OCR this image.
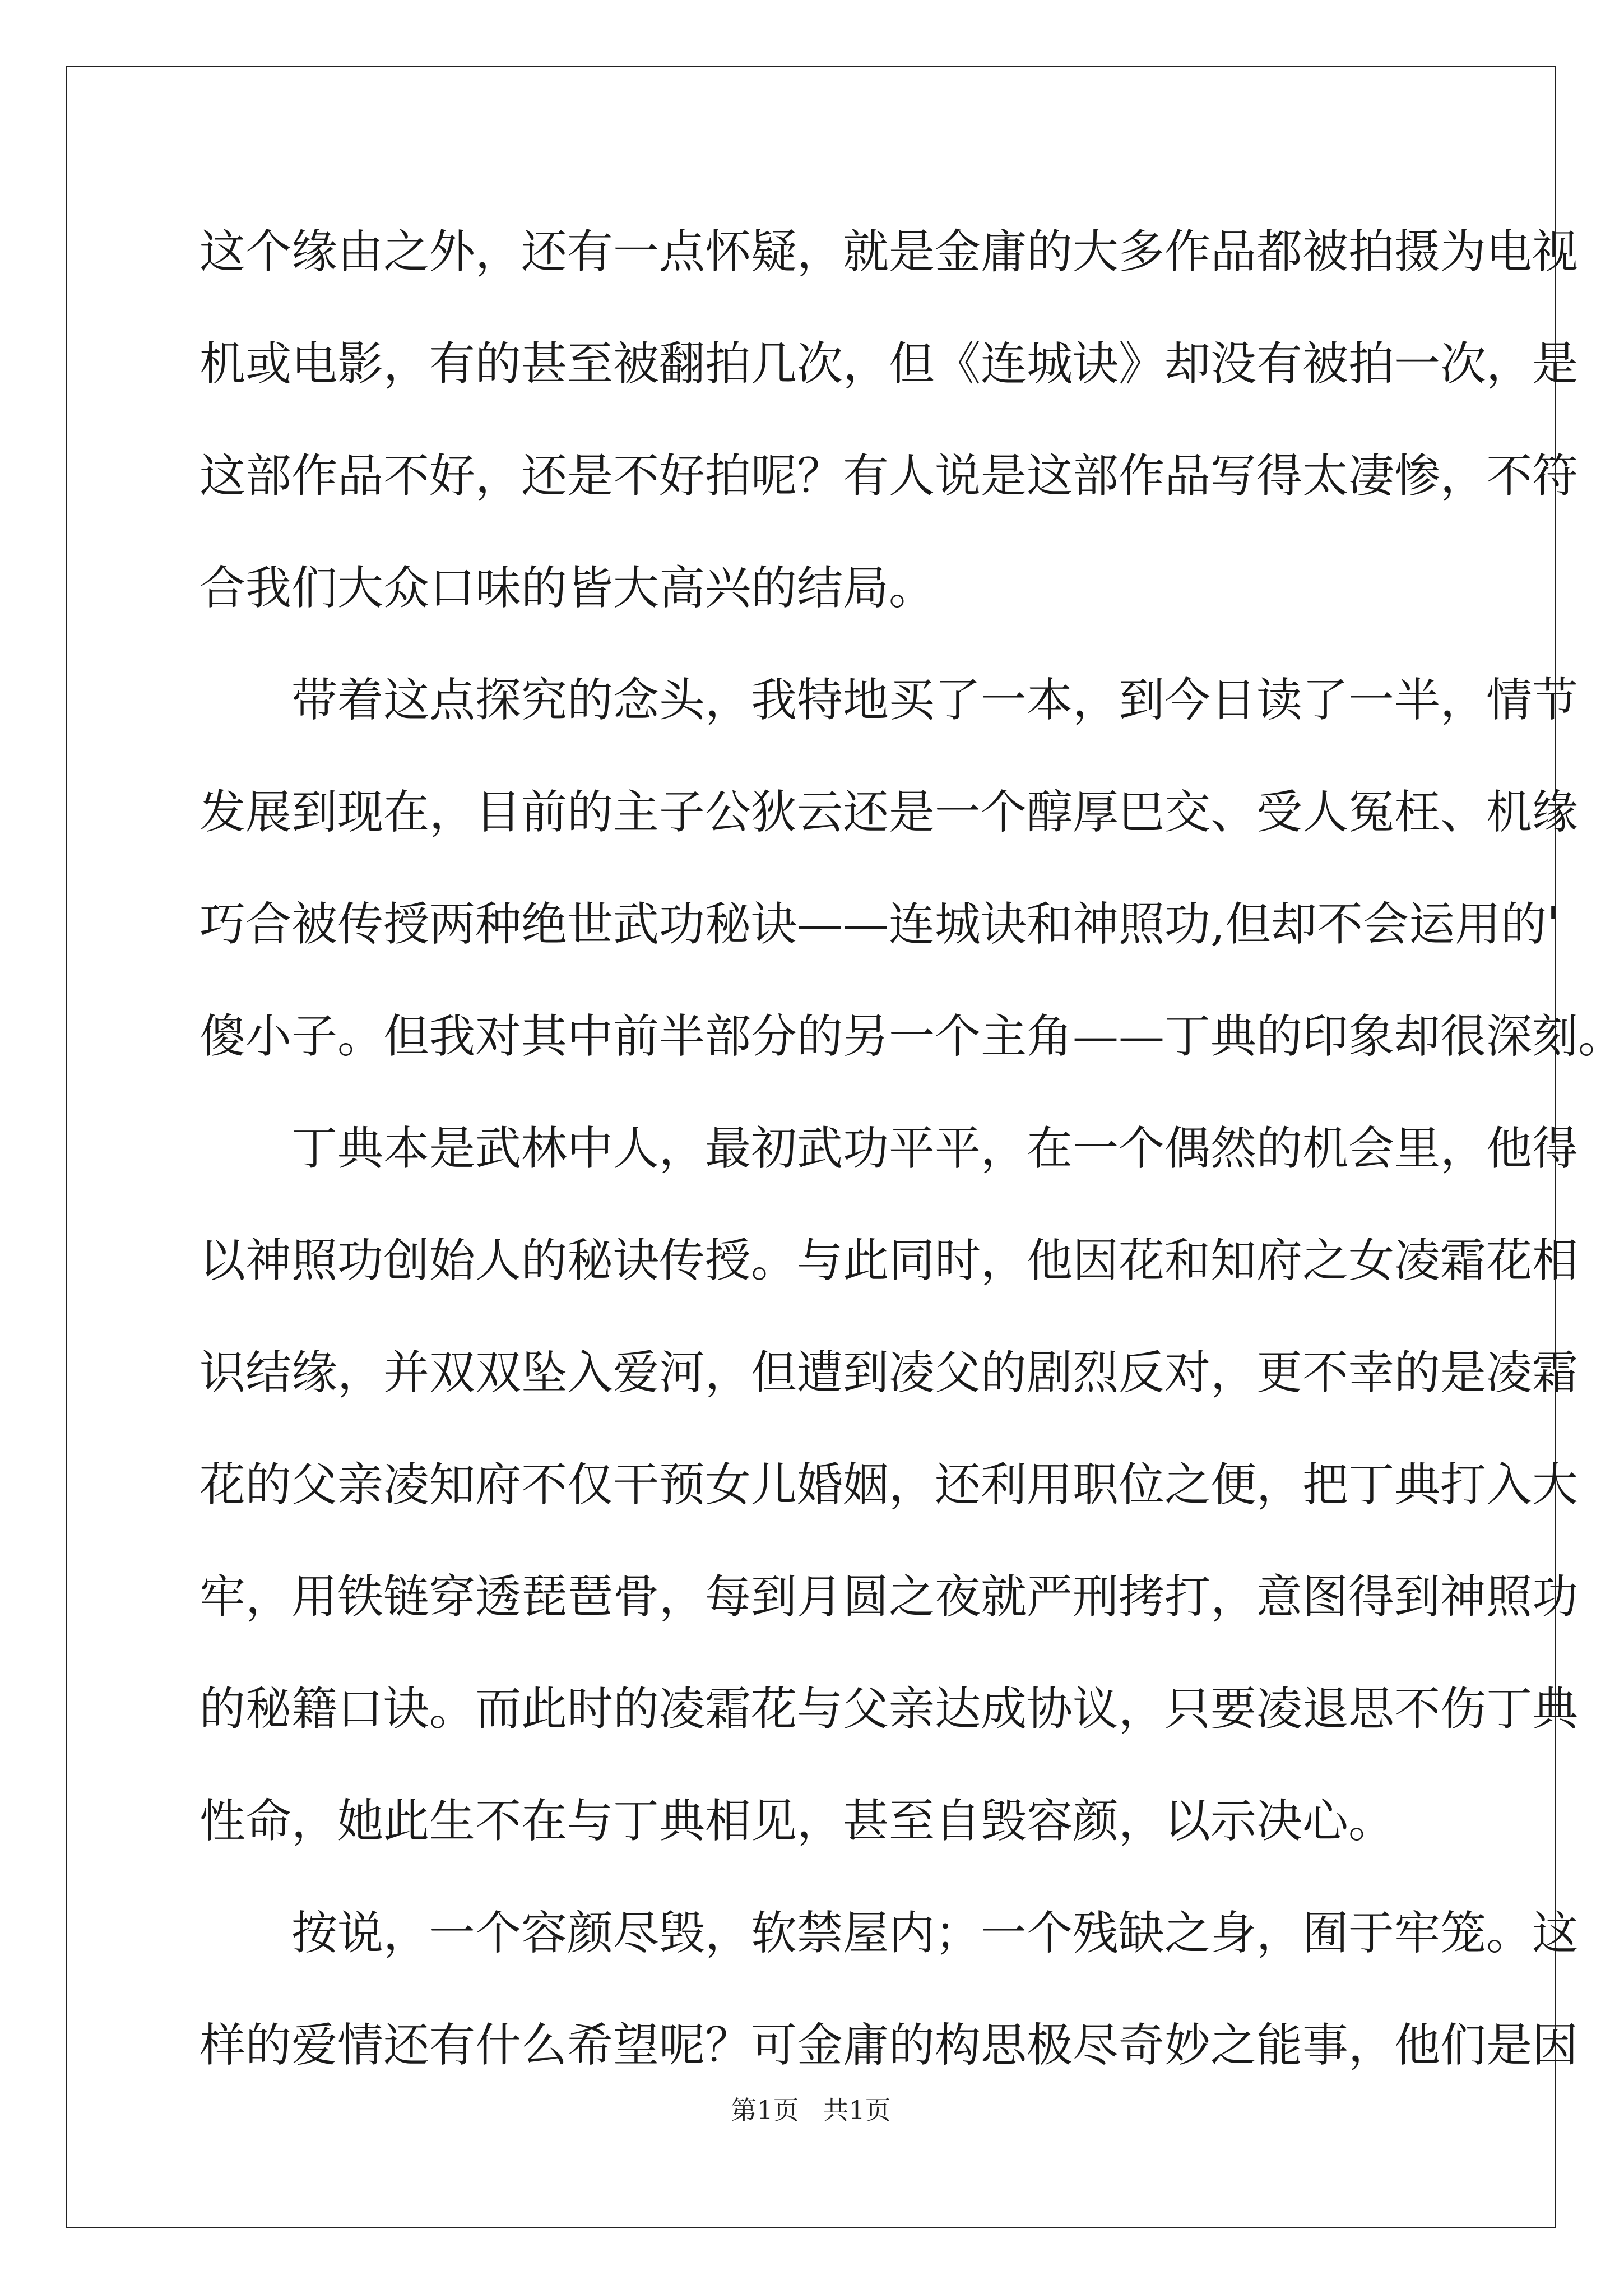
这个缘由之外，还有一点怀疑，就是金庸的大多作品都被拍摄为电视
机或电影，有的甚至被翻拍几次，但《连城诀》却没有被拍一次，是
这部作品不好，还是不好拍呢？有人说是这部作品写得太凄惨，不符
合我们大众口味的皆大高兴的结局。
带着这点探究的念头，我特地买了一本，到今日读了一半，情节
发展到现在，目前的主子公狄云还是一个醇厚巴交、受人冤枉、机缘
巧合被传授两种绝世武功秘诀——连城诀和神照功,但却不会运用的'
傻小子。但我对其中前半部分的另一个主角——丁典的印象却很深刻。
丁典本是武林中人，最初武功平平，在一个偶然的机会里，他得
以神照功创始人的秘诀传授。与此同时，他因花和知府之女凌霜花相
识结缘，并双双坠入爱河，但遭到凌父的剧烈反对，更不幸的是凌霜
花的父亲凌知府不仅干预女儿婚姻，还利用职位之便，把丁典打入大
牢，用铁链穿透琵琶骨，每到月圆之夜就严刑拷打，意图得到神照功
的秘籍口诀。而此时的凌霜花与父亲达成协议，只要凌退思不伤丁典
性命，她此生不在与丁典相见，甚至自毁容颜，以示决心。
按说，一个容颜尽毁，软禁屋内；一个残缺之身，囿于牢笼。这
样的爱情还有什么希望呢？可金庸的构思极尽奇妙之能事，他们是因
第1页 共1页
